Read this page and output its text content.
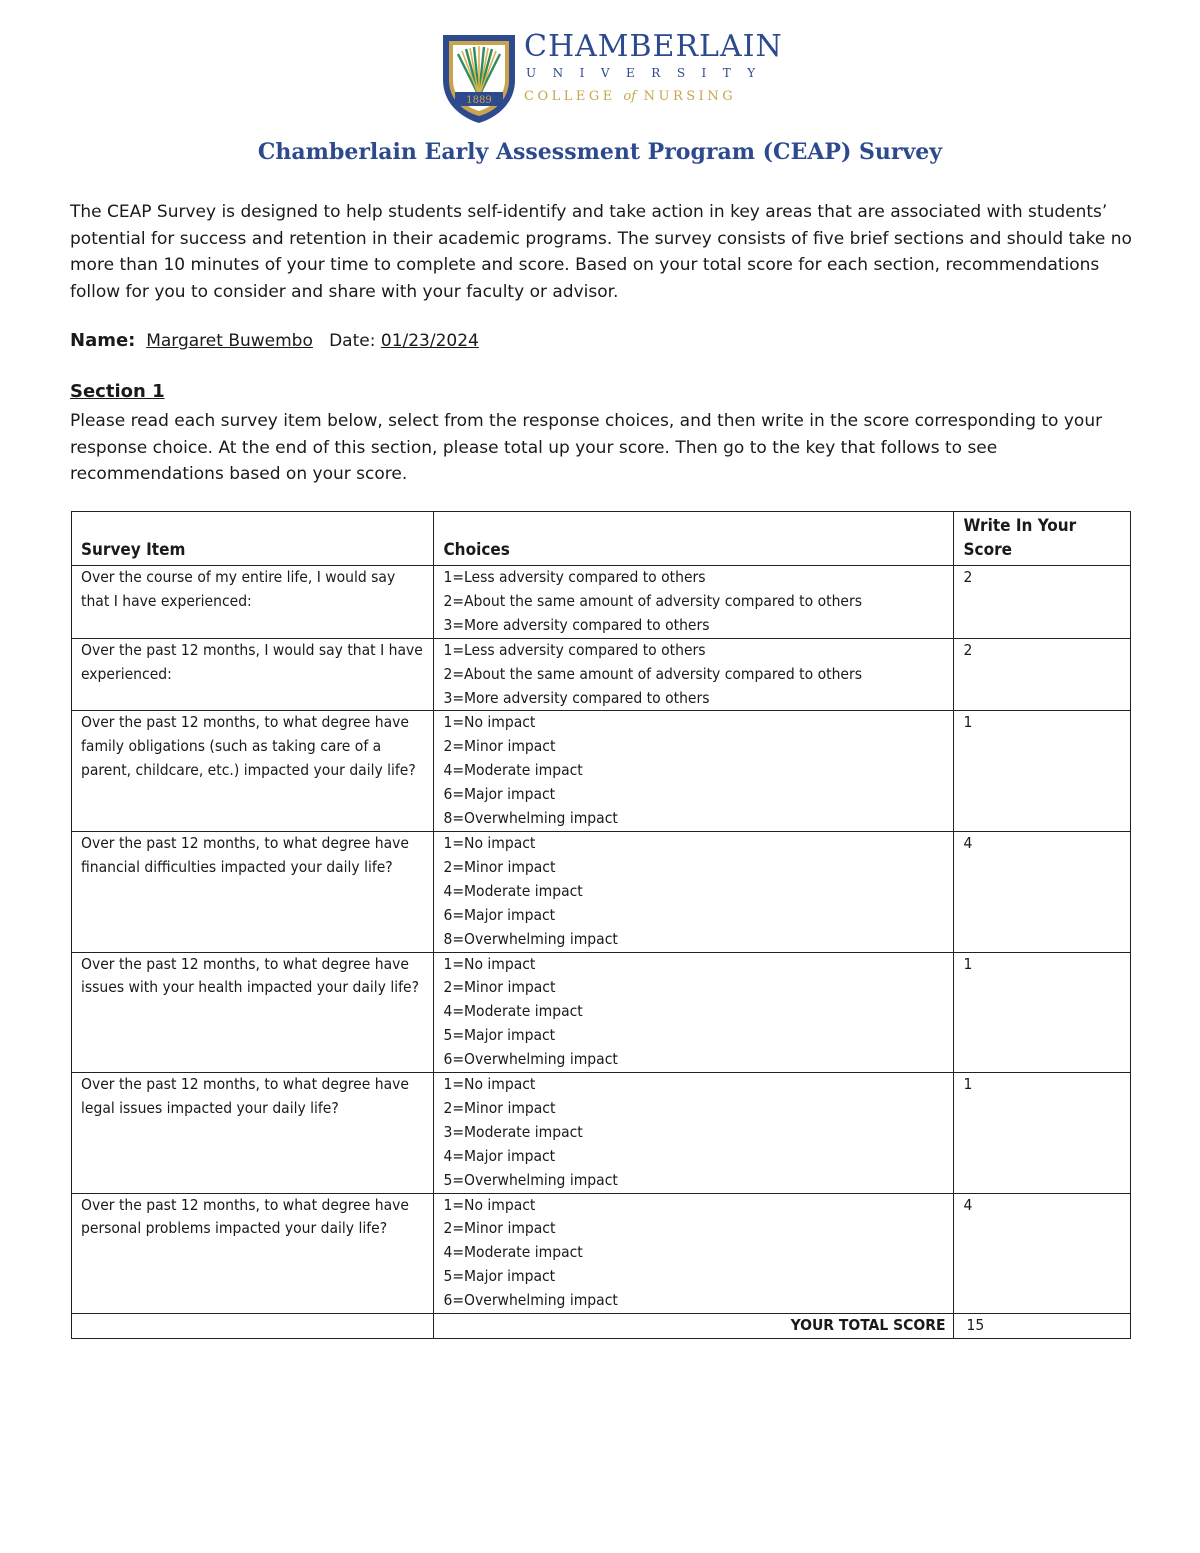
1889
CHAMBERLAIN
UNIVERSITY
COLLEGE of NURSING
Chamberlain Early Assessment Program (CEAP) Survey

The CEAP Survey is designed to help students self-identify and take action in key areas that are associated with students’ potential for success and retention in their academic programs. The survey consists of five brief sections and should take no more than 10 minutes of your time to complete and score. Based on your total score for each section, recommendations follow for you to consider and share with your faculty or advisor.

Name: Margaret Buwembo Date: 01/23/2024
Section 1
Please read each survey item below, select from the response choices, and then write in the score corresponding to your response choice. At the end of this section, please total up your score. Then go to the key that follows to see recommendations based on your score.
Survey Item	Choices	Write In Your Score
Over the course of my entire life, I would say that I have experienced:	1=Less adversity compared to others
2=About the same amount of adversity compared to others
3=More adversity compared to others	2
Over the past 12 months, I would say that I have experienced:	1=Less adversity compared to others
2=About the same amount of adversity compared to others
3=More adversity compared to others	2
Over the past 12 months, to what degree have family obligations (such as taking care of a parent, childcare, etc.) impacted your daily life?	1=No impact
2=Minor impact
4=Moderate impact
6=Major impact
8=Overwhelming impact	1
Over the past 12 months, to what degree have financial difficulties impacted your daily life?	1=No impact
2=Minor impact
4=Moderate impact
6=Major impact
8=Overwhelming impact	4
Over the past 12 months, to what degree have issues with your health impacted your daily life?	1=No impact
2=Minor impact
4=Moderate impact
5=Major impact
6=Overwhelming impact	1
Over the past 12 months, to what degree have legal issues impacted your daily life?	1=No impact
2=Minor impact
3=Moderate impact
4=Major impact
5=Overwhelming impact	1
Over the past 12 months, to what degree have personal problems impacted your daily life?	1=No impact
2=Minor impact
4=Moderate impact
5=Major impact
6=Overwhelming impact	4
	YOUR TOTAL SCORE	15
